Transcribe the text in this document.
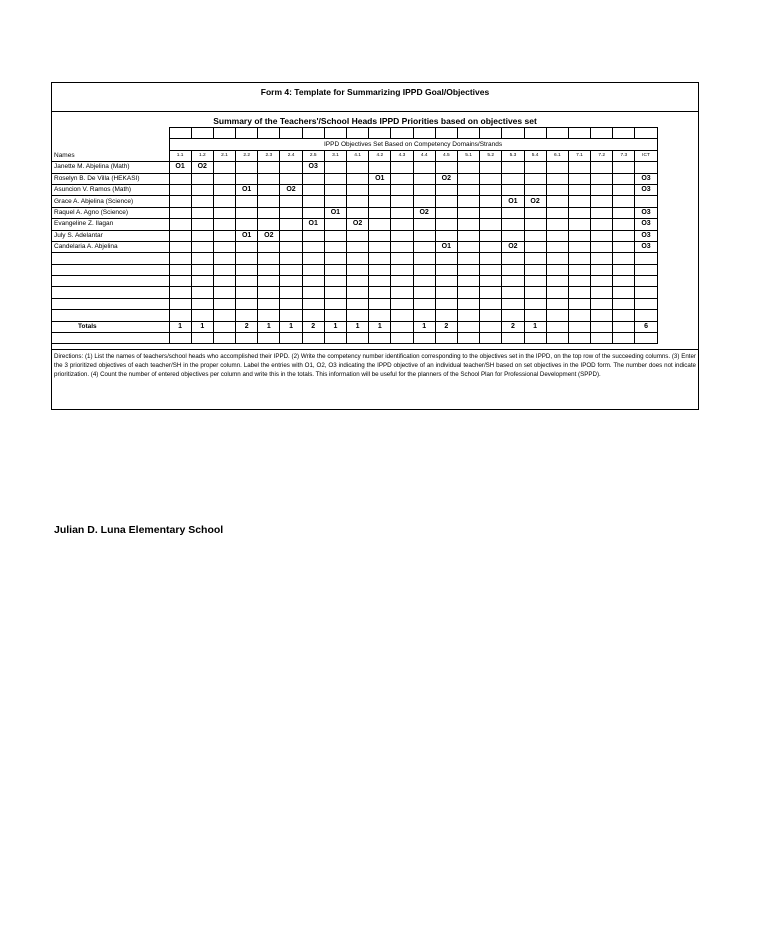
Form 4: Template for Summarizing IPPD Goal/Objectives
Summary of the Teachers'/School Heads IPPD Priorities based on objectives set

	IPPD Objectives Set Based on Competency Domains/Strands																					
Names	1.1	1.2	2.1	2.2	2.3	2.4	2.5	3.1	4.1	4.2	4.3	4.4	4.5	5.1	5.2	5.3	5.4	6.1	7.1	7.2	7.3	ICT
Janette M. Abjelina (Math)	O1	O2					O3															
Roselyn B. De Villa (HEKASI)										O1			O2									O3
Asuncion V. Ramos (Math)				O1		O2																O3
Grace A. Abjelina (Science)																O1	O2					
Raquel A. Agno (Science)								O1				O2										O3
Evangeline Z. Ilagan							O1		O2													O3
July S. Adelantar				O1	O2																	O3
Candelaria A. Abjelina													O1			O2						O3

Totals	1	1		2	1	1	2	1	1	1		1	2			2	1					6

Directions: (1) List the names of teachers/school heads who accomplished their IPPD. (2) Write the competency number identification corresponding to the objectives set in the IPPD, on the top row of the succeeding columns. (3) Enter the 3 prioritized objectives of each teacher/SH in the proper column. Label the entries with O1, O2, O3 indicating the IPPD objective of an individual teacher/SH based on set objectives in the IPOD form. The number does not indicate prioritization. (4) Count the number of entered objectives per column and write this in the totals. This information will be useful for the planners of the School Plan for Professional Development (SPPD).
Julian D. Luna Elementary School
